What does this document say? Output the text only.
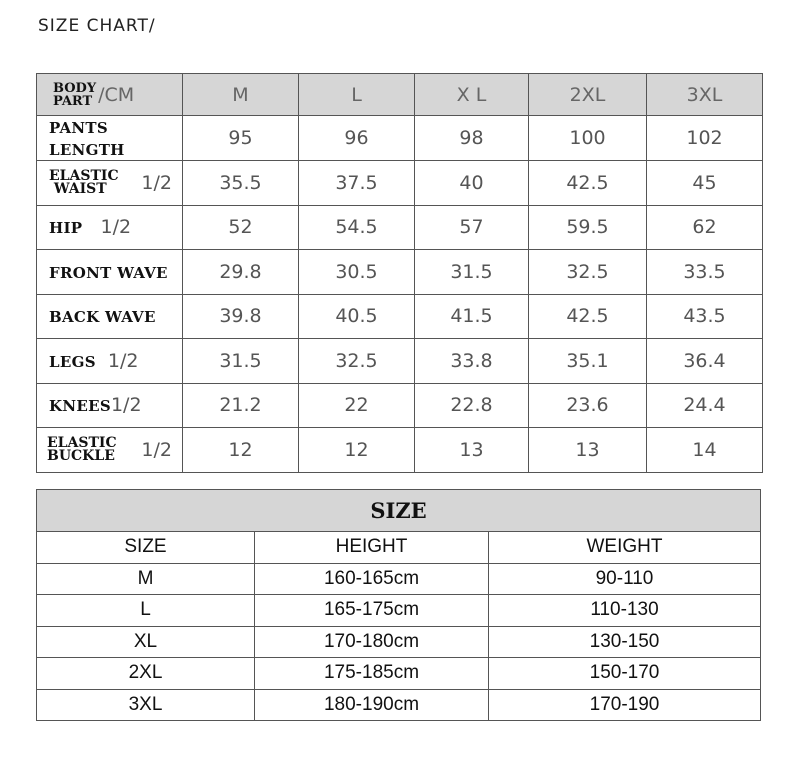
SIZE CHART/
BODY
PART /CM	M	L	X L	2XL	3XL
PANTS LENGTH	95	96	98	100	102
ELASTIC
WAIST 1/2	35.5	37.5	40	42.5	45
HIP 1/2	52	54.5	57	59.5	62
FRONT WAVE	29.8	30.5	31.5	32.5	33.5
BACK WAVE	39.8	40.5	41.5	42.5	43.5
LEGS 1/2	31.5	32.5	33.8	35.1	36.4
KNEES1/2	21.2	22	22.8	23.6	24.4
ELASTIC
BUCKLE 1/2	12	12	13	13	14
SIZE		
SIZE	HEIGHT	WEIGHT
M	160-165cm	90-110
L	165-175cm	110-130
XL	170-180cm	130-150
2XL	175-185cm	150-170
3XL	180-190cm	170-190
